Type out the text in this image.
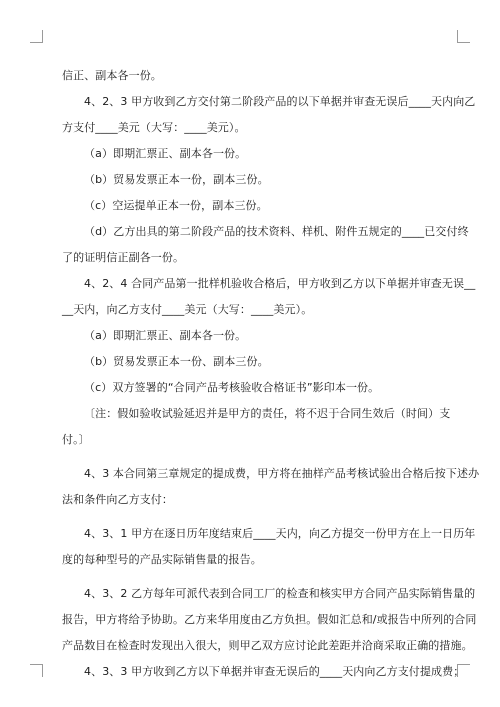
信正、副本各一份。
4、2、3 甲方收到乙方交付第二阶段产品的以下单据并审查无误后____天内向乙
方支付____美元（大写：____美元）。
（a）即期汇票正、副本各一份。
（b）贸易发票正本一份，副本三份。
（c）空运提单正本一份，副本三份。
（d）乙方出具的第二阶段产品的技术资料、样机、附件五规定的____已交付终
了的证明信正副各一份。
4、2、4 合同产品第一批样机验收合格后，甲方收到乙方以下单据并审查无误__
__天内，向乙方支付____美元（大写：____美元）。
（a）即期汇票正、副本各一份。
（b）贸易发票正本一份、副本三份。
（c）双方签署的“合同产品考核验收合格证书”影印本一份。
〔注：假如验收试验延迟并是甲方的责任，将不迟于合同生效后（时间）支
付。〕
4、3 本合同第三章规定的提成费，甲方将在抽样产品考核试验出合格后按下述办
法和条件向乙方支付：
4、3、1 甲方在逐日历年度结束后____天内，向乙方提交一份甲方在上一日历年
度的每种型号的产品实际销售量的报告。
4、3、2 乙方每年可派代表到合同工厂的检查和核实甲方合同产品实际销售量的
报告，甲方将给予协助。乙方来华用度由乙方负担。假如汇总和/或报告中所列的合同
产品数目在检查时发现出入很大，则甲乙双方应讨论此差距并洽商采取正确的措施。
4、3、3 甲方收到乙方以下单据并审查无误后的____天内向乙方支付提成费；
